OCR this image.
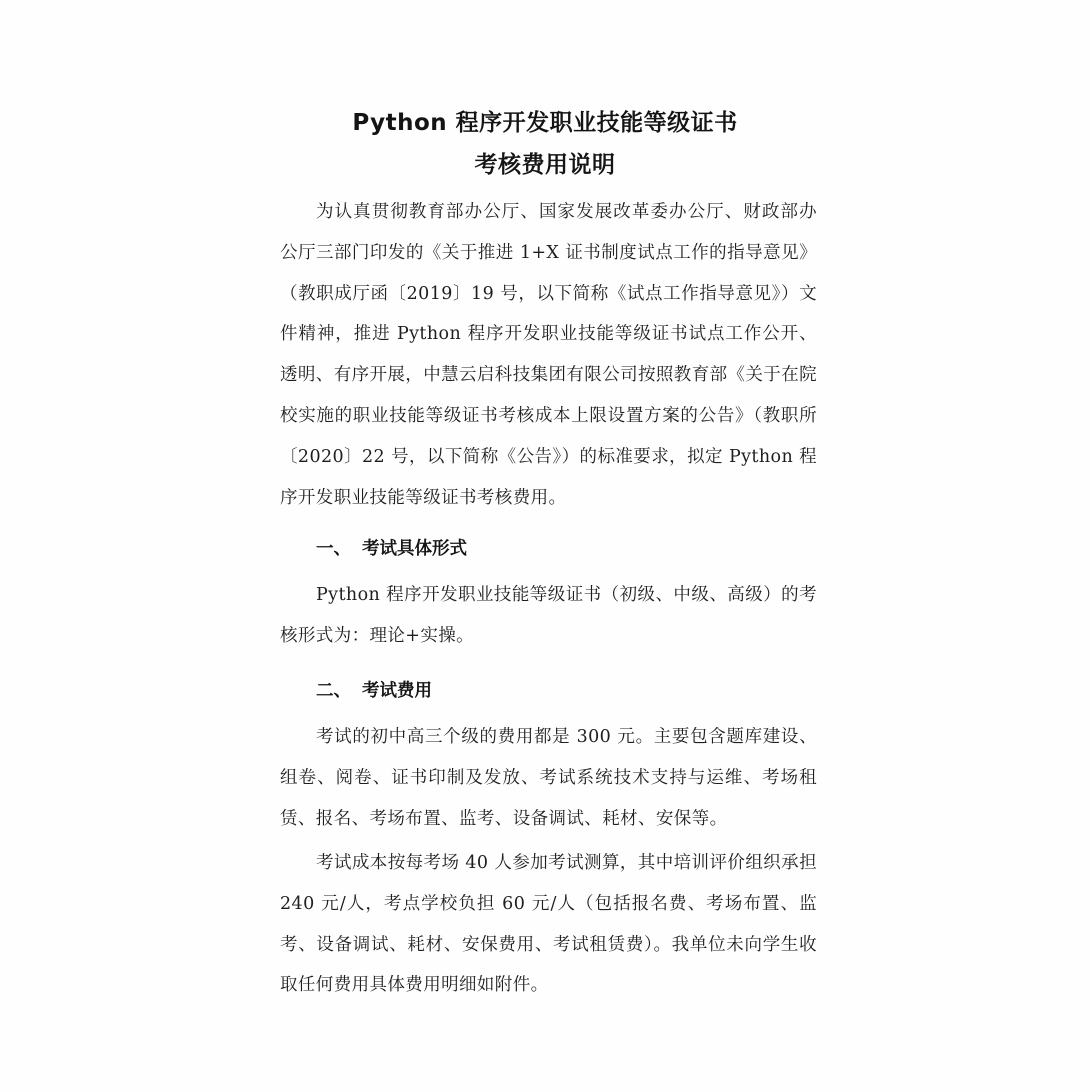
Python 程序开发职业技能等级证书
考核费用说明

为认真贯彻教育部办公厅、国家发展改革委办公厅、财政部办公厅三部门印发的《关于推进 1+X 证书制度试点工作的指导意见》（教职成厅函〔2019〕19 号，以下简称《试点工作指导意见》）文件精神，推进 Python 程序开发职业技能等级证书试点工作公开、透明、有序开展，中慧云启科技集团有限公司按照教育部《关于在院校实施的职业技能等级证书考核成本上限设置方案的公告》（教职所〔2020〕22 号，以下简称《公告》）的标准要求，拟定 Python 程序开发职业技能等级证书考核费用。

一、 考试具体形式

Python 程序开发职业技能等级证书（初级、中级、高级）的考核形式为：理论+实操。

二、 考试费用

考试的初中高三个级的费用都是 300 元。主要包含题库建设、组卷、阅卷、证书印制及发放、考试系统技术支持与运维、考场租赁、报名、考场布置、监考、设备调试、耗材、安保等。

考试成本按每考场 40 人参加考试测算，其中培训评价组织承担 240 元/人，考点学校负担 60 元/人（包括报名费、考场布置、监考、设备调试、耗材、安保费用、考试租赁费）。我单位未向学生收取任何费用具体费用明细如附件。
